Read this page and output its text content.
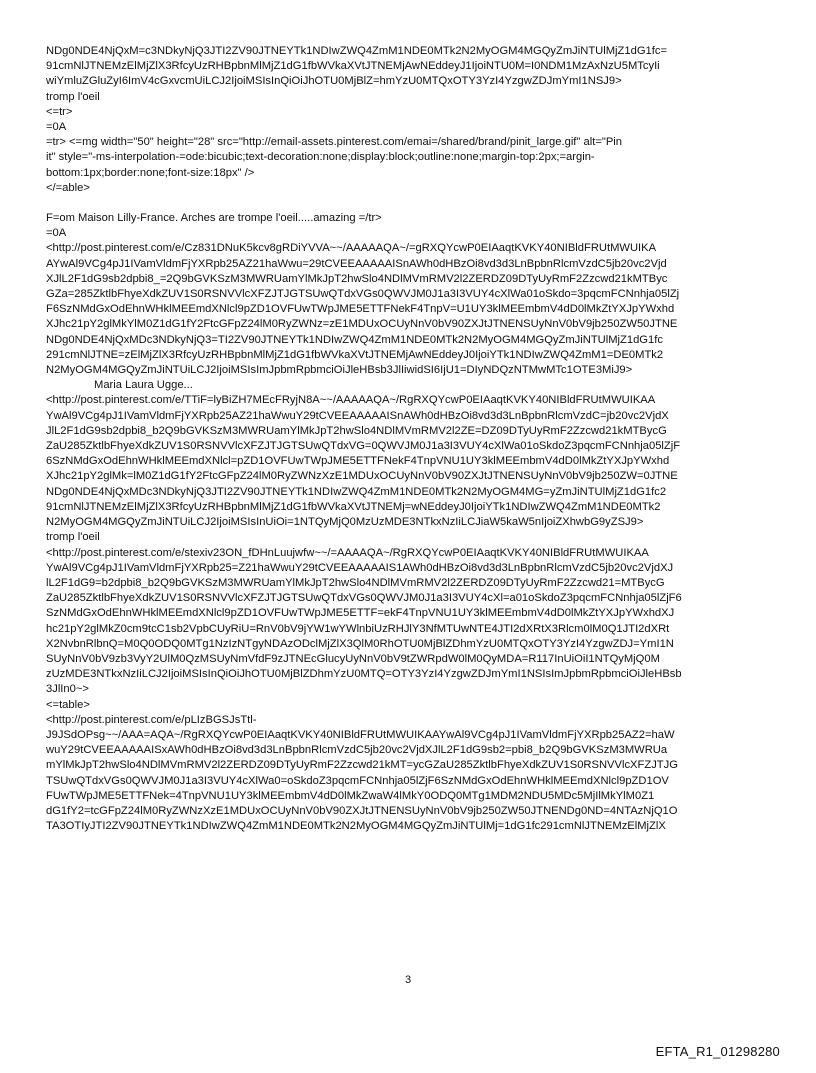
NDg0NDE4NjQxM=c3NDkyNjQ3JTI2ZV90JTNEYTk1NDIwZWQ4ZmM1NDE0MTk2N2MyOGM4MGQyZmJiNTUlMjZ1dG1fc=
91cmNlJTNEMzElMjZlX3RfcyUzRHBpbnMlMjZ1dG1fbWVkaXVtJTNEMjAwNEddeyJ1IjoiNTU0M=I0NDM1MzAxNzU5MTcyIi
wiYmluZGluZyI6ImV4cGxvcmUiLCJ2IjoiMSIsInQiOiJhOTU0MjBlZ=hmYzU0MTQxOTY3YzI4YzgwZDJmYmI1NSJ9>
tromp l'oeil
<=tr>
=0A
=tr> <=mg width="50" height="28" src="http://email-assets.pinterest.com/emai=/shared/brand/pinit_large.gif" alt="Pin
it" style="-ms-interpolation-=ode:bicubic;text-decoration:none;display:block;outline:none;margin-top:2px;=argin-
bottom:1px;border:none;font-size:18px" />
</=able>
F=om Maison Lilly-France. Arches are trompe l'oeil.....amazing =/tr>
=0A
<http://post.pinterest.com/e/Cz831DNuK5kcv8gRDiYVVA~~/AAAAAQA~/=gRXQYcwP0EIAaqtKVKY40NIBldFRUtMWUIKA
AYwAl9VCg4pJ1IVamVldmFjYXRpb25AZ21haWwu=29tCVEEAAAAAISnAWh0dHBzOi8vd3d3LnBpbnRlcmVzdC5jb20vc2Vjd
XJlL2F1dG9sb2dpbi8_=2Q9bGVKSzM3MWRUamYlMkJpT2hwSlo4NDlMVmRMV2l2ZERDZ09DTyUyRmF2Zzcwd21kMTByc
GZa=285ZktlbFhyeXdkZUV1S0RSNVVlcXFZJTJGTSUwQTdxVGs0QWVJM0J1a3I3VUY4cXlWa01oSkdo=3pqcmFCNnhja05lZj
F6SzNMdGxOdEhnWHklMEEmdXNlcl9pZD1OVFUwTWpJME5ETTFNekF4TnpV=U1UY3klMEEmbmV4dD0lMkZtYXJpYWxhd
XJhc21pY2glMkYlM0Z1dG1fY2FtcGFpZ24lM0RyZWNz=zE1MDUxOCUyNnV0bV90ZXJtJTNENSUyNnV0bV9jb250ZW50JTNE
NDg0NDE4NjQxMDc3NDkyNjQ3=TI2ZV90JTNEYTk1NDIwZWQ4ZmM1NDE0MTk2N2MyOGM4MGQyZmJiNTUlMjZ1dG1fc
291cmNlJTNE=zElMjZlX3RfcyUzRHBpbnMlMjZ1dG1fbWVkaXVtJTNEMjAwNEddeyJ0IjoiYTk1NDIwZWQ4ZmM1=DE0MTk2
N2MyOGM4MGQyZmJiNTUiLCJ2IjoiMSIsImJpbmRpbmciOiJleHBsb3JlIiwidSI6IjU1=DIyNDQzNTMwMTc1OTE3MiJ9>
Maria Laura Ugge...
<http://post.pinterest.com/e/TTiF=lyBiZH7MEcFRyjN8A~~/AAAAAQA~/RgRXQYcwP0EIAaqtKVKY40NIBldFRUtMWUIKAA
YwAl9VCg4pJ1IVamVldmFjYXRpb25AZ21haWwuY29tCVEEAAAAAISnAWh0dHBzOi8vd3d3LnBpbnRlcmVzdC=jb20vc2VjdX
JlL2F1dG9sb2dpbi8_b2Q9bGVKSzM3MWRUamYlMkJpT2hwSlo4NDlMVmRMV2l2ZE=DZ09DTyUyRmF2Zzcwd21kMTBycG
ZaU285ZktlbFhyeXdkZUV1S0RSNVVlcXFZJTJGTSUwQTdxVG=0QWVJM0J1a3I3VUY4cXlWa01oSkdoZ3pqcmFCNnhja05lZjF
6SzNMdGxOdEhnWHklMEEmdXNlcl=pZD1OVFUwTWpJME5ETTFNekF4TnpVNU1UY3klMEEmbmV4dD0lMkZtYXJpYWxhd
XJhc21pY2glMk=lM0Z1dG1fY2FtcGFpZ24lM0RyZWNzXzE1MDUxOCUyNnV0bV90ZXJtJTNENSUyNnV0bV9jb250ZW=0JTNE
NDg0NDE4NjQxMDc3NDkyNjQ3JTI2ZV90JTNEYTk1NDIwZWQ4ZmM1NDE0MTk2N2MyOGM4MG=yZmJiNTUlMjZ1dG1fc2
91cmNlJTNEMzElMjZlX3RfcyUzRHBpbnMlMjZ1dG1fbWVkaXVtJTNEMj=wNEddeyJ0IjoiYTk1NDIwZWQ4ZmM1NDE0MTk2
N2MyOGM4MGQyZmJiNTUiLCJ2IjoiMSIsInUiOi=1NTQyMjQ0MzUzMDE3NTkxNzIiLCJiaW5kaW5nIjoiZXhwbG9yZSJ9>
tromp l'oeil
<http://post.pinterest.com/e/stexiv23ON_fDHnLuujwfw~~/=AAAAQA~/RgRXQYcwP0EIAaqtKVKY40NIBldFRUtMWUIKAA
YwAl9VCg4pJ1IVamVldmFjYXRpb25=Z21haWwuY29tCVEEAAAAAIS1AWh0dHBzOi8vd3d3LnBpbnRlcmVzdC5jb20vc2VjdXJ
lL2F1dG9=b2dpbi8_b2Q9bGVKSzM3MWRUamYlMkJpT2hwSlo4NDlMVmRMV2l2ZERDZ09DTyUyRmF2Zzcwd21=MTBycG
ZaU285ZktlbFhyeXdkZUV1S0RSNVVlcXFZJTJGTSUwQTdxVGs0QWVJM0J1a3I3VUY4cXl=a01oSkdoZ3pqcmFCNnhja05lZjF6
SzNMdGxOdEhnWHklMEEmdXNlcl9pZD1OVFUwTWpJME5ETTF=ekF4TnpVNU1UY3klMEEmbmV4dD0lMkZtYXJpYWxhdXJ
hc21pY2glMkZ0cm9tcC1sb2VpbCUyRiU=RnV0bV9jYW1wYWlnbiUzRHJlY3NfMTUwNTE4JTI2dXRtX3Rlcm0lM0Q1JTI2dXRt
X2NvbnRlbnQ=M0Q0ODQ0MTg1NzIzNTgyNDAzODclMjZlX3QlM0RhOTU0MjBlZDhmYzU0MTQxOTY3YzI4YzgwZDJ=YmI1N
SUyNnV0bV9zb3VyY2UlM0QzMSUyNmVfdF9zJTNEcGlucyUyNnV0bV9tZWRpdW0lM0QyMDA=R117InUiOiI1NTQyMjQ0M
zUzMDE3NTkxNzIiLCJ2IjoiMSIsInQiOiJhOTU0MjBlZDhmYzU0MTQ=OTY3YzI4YzgwZDJmYmI1NSIsImJpbmRpbmciOiJleHBsb
3JlIn0~>
<=table>
<http://post.pinterest.com/e/pLIzBGSJsTtl-
J9JSdOPsg~~/AAA=AQA~/RgRXQYcwP0EIAaqtKVKY40NIBldFRUtMWUIKAAYwAl9VCg4pJ1IVamVldmFjYXRpb25AZ2=haW
wuY29tCVEEAAAAAISxAWh0dHBzOi8vd3d3LnBpbnRlcmVzdC5jb20vc2VjdXJlL2F1dG9sb2=pbi8_b2Q9bGVKSzM3MWRUa
mYlMkJpT2hwSlo4NDlMVmRMV2l2ZERDZ09DTyUyRmF2Zzcwd21kMT=ycGZaU285ZktlbFhyeXdkZUV1S0RSNVVlcXFZJTJG
TSUwQTdxVGs0QWVJM0J1a3I3VUY4cXlWa0=oSkdoZ3pqcmFCNnhja05lZjF6SzNMdGxOdEhnWHklMEEmdXNlcl9pZD1OV
FUwTWpJME5ETTFNek=4TnpVNU1UY3klMEEmbmV4dD0lMkZwaW4lMkY0ODQ0MTg1MDM2NDU5MDc5MjIlMkYlM0Z1
dG1fY2=tcGFpZ24lM0RyZWNzXzE1MDUxOCUyNnV0bV90ZXJtJTNENSUyNnV0bV9jb250ZW50JTNENDg0ND=4NTAzNjQ1O
TA3OTIyJTI2ZV90JTNEYTk1NDIwZWQ4ZmM1NDE0MTk2N2MyOGM4MGQyZmJiNTUlMj=1dG1fc291cmNlJTNEMzElMjZlX
3
EFTA_R1_01298280
